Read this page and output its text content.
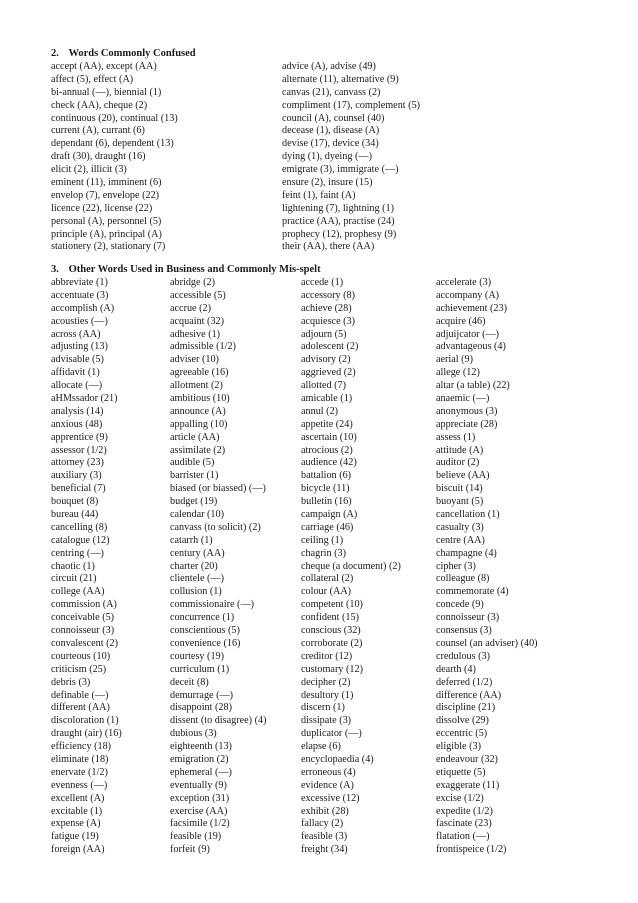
2. Words Commonly Confused
accept (AA), except (AA)
affect (5), effect (A)
bi-annual (—), biennial (1)
check (AA), cheque (2)
continuous (20), continual (13)
current (A), currant (6)
dependant (6), dependent (13)
draft (30), draught (16)
elicit (2), illicit (3)
eminent (11), imminent (6)
envelop (7), envelope (22)
licence (22), license (22)
personal (A), personnel (5)
principle (A), principal (A)
stationery (2), stationary (7)
advice (A), advise (49)
alternate (11), alternative (9)
canvas (21), canvass (2)
compliment (17), complement (5)
council (A), counsel (40)
decease (1), disease (A)
devise (17), device (34)
dying (1), dyeing (—)
emigrate (3), immigrate (—)
ensure (2), insure (15)
feint (1), faint (A)
lightening (7), lightning (1)
practice (AA), practise (24)
prophecy (12), prophesy (9)
their (AA), there (AA)
3. Other Words Used in Business and Commonly Mis-spelt
abbreviate (1)
accentuate (3)
accomplish (A)
acousties (—)
across (AA)
adjusting (13)
advisable (5)
affidavit (1)
allocate (—)
aHMssador (21)
analysis (14)
anxious (48)
apprentice (9)
assessor (1/2)
attorney (23)
auxiliary (3)
beneficial (7)
bouquet (8)
bureau (44)
cancelling (8)
catalogue (12)
centring (—)
chaotic (1)
circuit (21)
college (AA)
commission (A)
conceivable (5)
connoisseur (3)
convalescent (2)
courteous (10)
criticism (25)
debris (3)
definable (—)
different (AA)
discoloration (1)
draught (air) (16)
efficiency (18)
eliminate (18)
enervate (1/2)
evenness (—)
excellent (A)
excitable (1)
expense (A)
fatigue (19)
foreign (AA)
abridge (2)
accessible (5)
accrue (2)
acquaint (32)
adhesive (1)
admissible (1/2)
adviser (10)
agreeable (16)
allotment (2)
ambitious (10)
announce (A)
appalling (10)
article (AA)
assimilate (2)
audible (5)
barrister (1)
biased (or biassed) (—)
budget (19)
calendar (10)
canvass (to solicit) (2)
catarrh (1)
century (AA)
charter (20)
clientele (—)
collusion (1)
commissionaire (—)
concurrence (1)
conscientious (5)
convenience (16)
courtesy (19)
curriculum (1)
deceit (8)
demurrage (—)
disappoint (28)
dissent (to disagree) (4)
dubious (3)
eighteenth (13)
emigration (2)
ephemeral (—)
eventually (9)
exception (31)
exercise (AA)
facsimile (1/2)
feasible (19)
forfeit (9)
accede (1)
accessory (8)
achieve (28)
acquiesce (3)
adjourn (5)
adolescent (2)
advisory (2)
aggrieved (2)
allotted (7)
amicable (1)
annul (2)
appetite (24)
ascertain (10)
atrocious (2)
audience (42)
battalion (6)
bicycle (11)
bulletin (16)
campaign (A)
carriage (46)
ceiling (1)
chagrin (3)
cheque (a document) (2)
collateral (2)
colour (AA)
competent (10)
confident (15)
conscious (32)
corroborate (2)
creditor (12)
customary (12)
decipher (2)
desultory (1)
discern (1)
dissipate (3)
duplicator (—)
elapse (6)
encyclopaedia (4)
erroneous (4)
evidence (A)
excessive (12)
exhibit (28)
fallacy (2)
feasible (3)
freight (34)
accelerate (3)
accompany (A)
achievement (23)
acquire (46)
adjuijcator (—)
advantageous (4)
aerial (9)
allege (12)
altar (a table) (22)
anaemic (—)
anonymous (3)
appreciate (28)
assess (1)
attitude (A)
auditor (2)
believe (AA)
biscuit (14)
buoyant (5)
cancellation (1)
casualty (3)
centre (AA)
champagne (4)
cipher (3)
colleague (8)
commemorate (4)
concede (9)
connoisseur (3)
consensus (3)
counsel (an adviser) (40)
credulous (3)
dearth (4)
deferred (1/2)
difference (AA)
discipline (21)
dissolve (29)
eccentric (5)
eligible (3)
endeavour (32)
etiquette (5)
exaggerate (11)
excise (1/2)
expedite (1/2)
fascinate (23)
flatation (—)
frontispeice (1/2)
